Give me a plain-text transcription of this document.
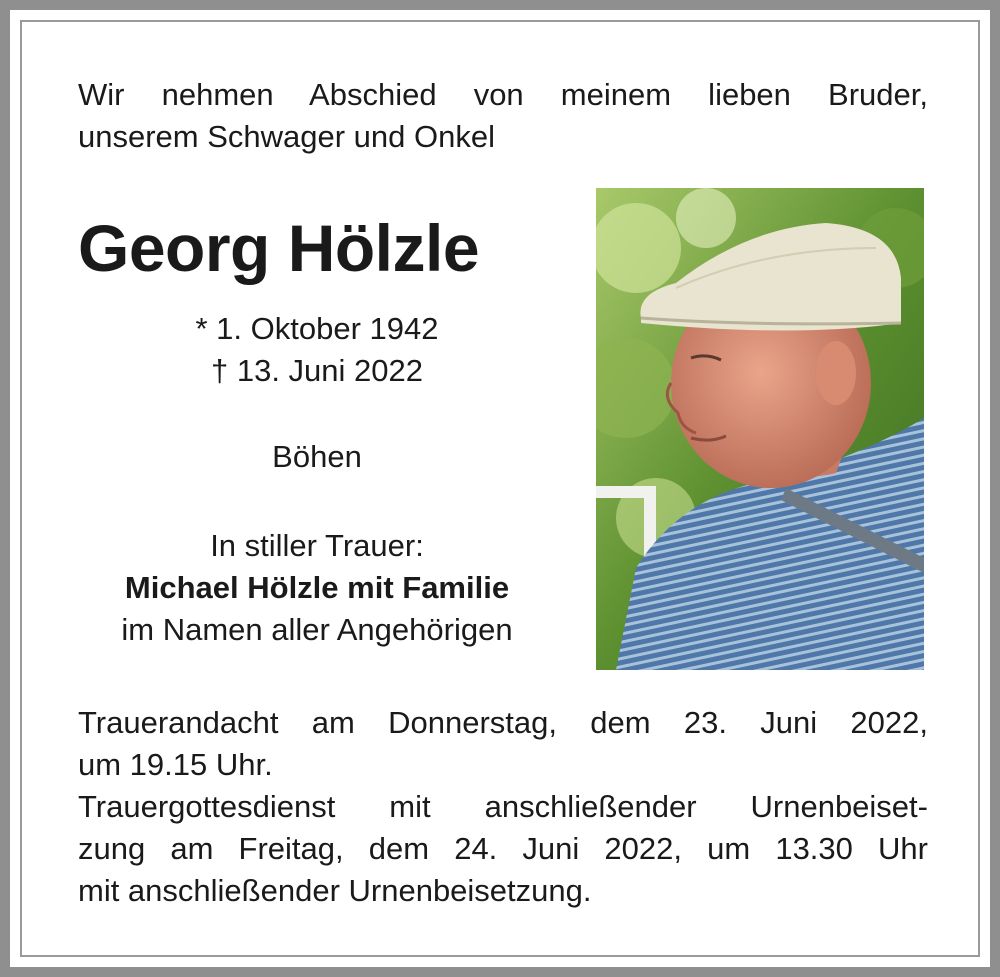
Wir nehmen Abschied von meinem lieben Bruder,
unserem Schwager und Onkel
Georg Hölzle
* 1. Oktober 1942
† 13. Juni 2022
Böhen
In stiller Trauer:
Michael Hölzle mit Familie
im Namen aller Angehörigen
Trauerandacht am Donnerstag, dem 23. Juni 2022,
um 19.15 Uhr.
Trauergottesdienst mit anschließender Urnenbeiset-
zung am Freitag, dem 24. Juni 2022, um 13.30 Uhr
mit anschließender Urnenbeisetzung.
